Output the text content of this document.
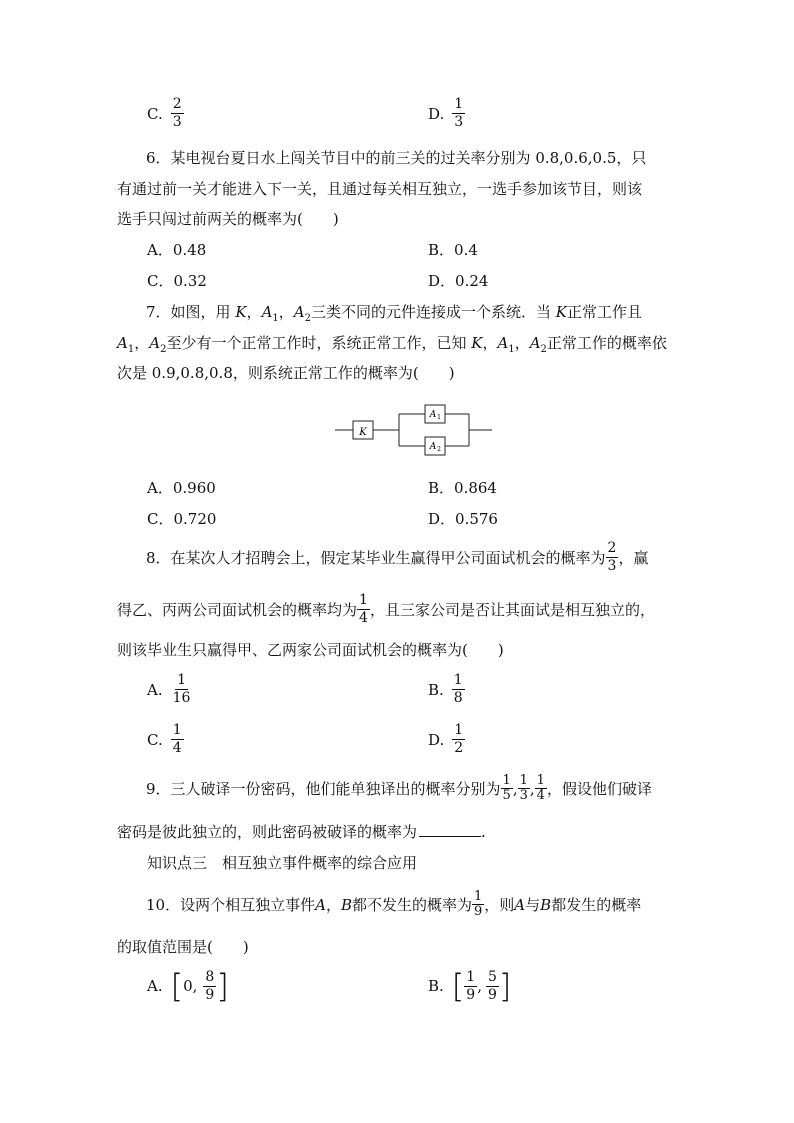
C. $\frac{2}{3}$	D. $\frac{1}{3}$
6．某电视台夏日水上闯关节目中的前三关的过关率分别为 0.8,0.6,0.5，只
有通过前一关才能进入下一关，且通过每关相互独立，一选手参加该节目，则该
选手只闯过前两关的概率为(　　)
A．0.48	B．0.4
C．0.32	D．0.24
7．如图，用 K，$A_1$，$A_2$三类不同的元件连接成一个系统．当 K正常工作且
$A_1$，$A_2$至少有一个正常工作时，系统正常工作，已知 K，$A_1$，$A_2$正常工作的概率依
次是 0.9,0.8,0.8，则系统正常工作的概率为(　　)
K
A 1
A 2
A．0.960	B．0.864
C．0.720	D．0.576
8．在某次人才招聘会上，假定某毕业生赢得甲公司面试机会的概率为 $\frac{2}{3}$ ，赢
得乙、丙两公司面试机会的概率均为 $\frac{1}{4}$ ，且三家公司是否让其面试是相互独立的，
则该毕业生只赢得甲、乙两家公司面试机会的概率为(　　)
A. $\frac{1}{16}$	B. $\frac{1}{8}$
C. $\frac{1}{4}$	D. $\frac{1}{2}$
9．三人破译一份密码，他们能单独译出的概率分别为 $\frac{1}{5}$ , $\frac{1}{3}$ , $\frac{1}{4}$ ，假设他们破译
密码是彼此独立的，则此密码被破译的概率为	.
知识点三　相互独立事件概率的综合应用
10．设两个相互独立事件 A ， B 都不发生的概率为 $\frac{1}{9}$ ，则 A 与 B 都发生的概率
的取值范围是(　　)
A. [ 0 , $\frac{8}{9}$ ]	B. [ $\frac{1}{9}$ , $\frac{5}{9}$ ]
